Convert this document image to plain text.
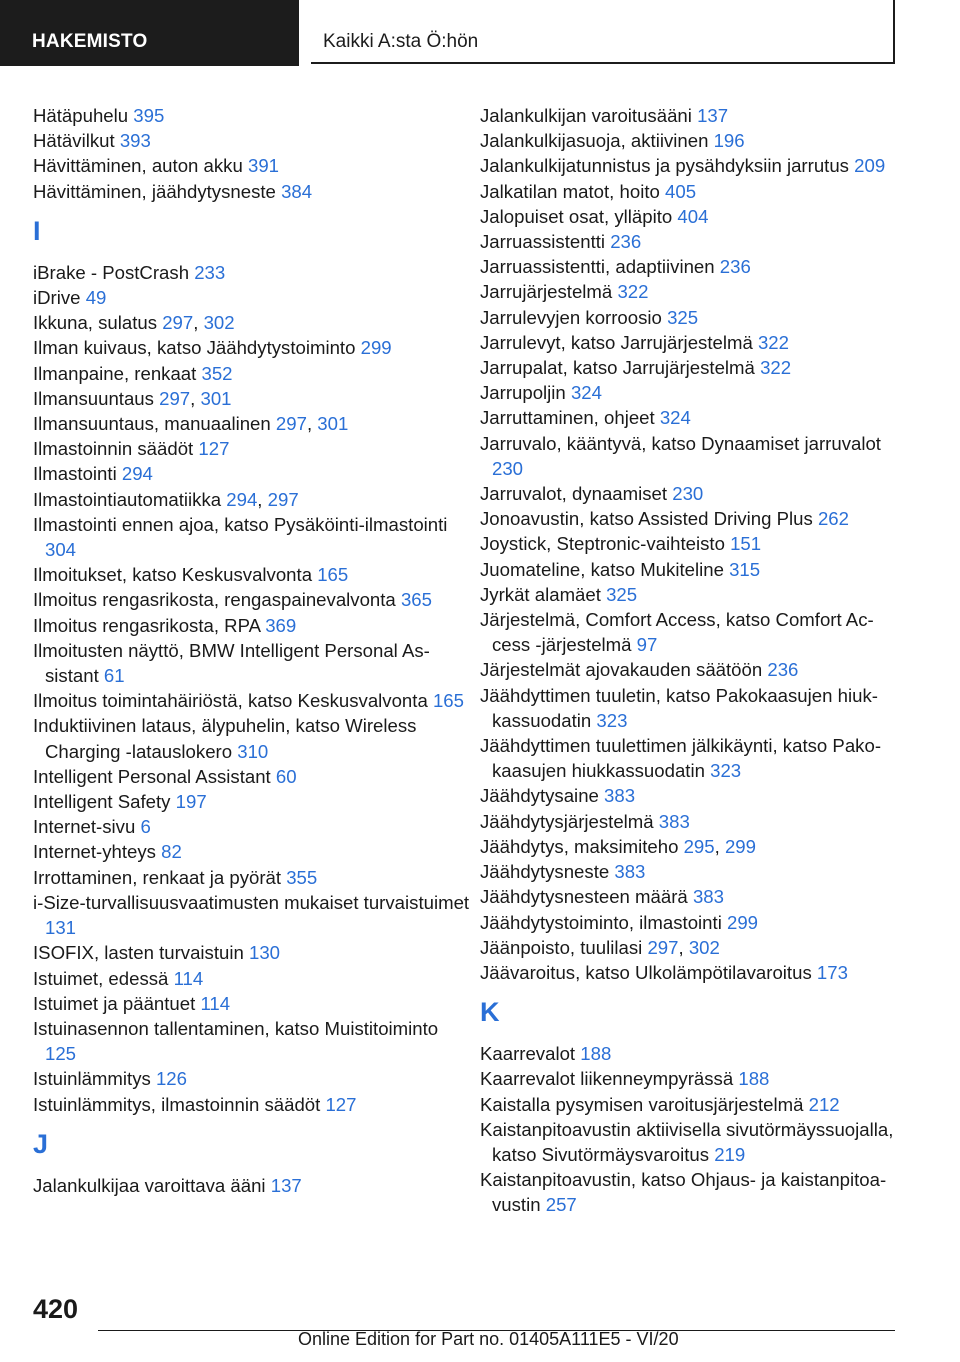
HAKEMISTO	Kaikki A:sta Ö:hön
Hätäpuhelu 395
Hätävilkut 393
Hävittäminen, auton akku 391
Hävittäminen, jäähdytysneste 384
I
iBrake - PostCrash 233
iDrive 49
Ikkuna, sulatus 297, 302
Ilman kuivaus, katso Jäähdytystoiminto 299
Ilmanpaine, renkaat 352
Ilmansuuntaus 297, 301
Ilmansuuntaus, manuaalinen 297, 301
Ilmastoinnin säädöt 127
Ilmastointi 294
Ilmastointiautomatiikka 294, 297
Ilmastointi ennen ajoa, katso Pysäköinti-ilmastointi 304
Ilmoitukset, katso Keskusvalvonta 165
Ilmoitus rengasrikosta, rengaspainevalvonta 365
Ilmoitus rengasrikosta, RPA 369
Ilmoitusten näyttö, BMW Intelligent Personal Assistant 61
Ilmoitus toimintahäiriöstä, katso Keskusvalvonta 165
Induktiivinen lataus, älypuhelin, katso Wireless Charging -latauslokero 310
Intelligent Personal Assistant 60
Intelligent Safety 197
Internet-sivu 6
Internet-yhteys 82
Irrottaminen, renkaat ja pyörät 355
i-Size-turvallisuusvaatimusten mukaiset turvaistuimet 131
ISOFIX, lasten turvaistuin 130
Istuimet, edessä 114
Istuimet ja pääntuet 114
Istuinasennon tallentaminen, katso Muistitoiminto 125
Istuinlämmitys 126
Istuinlämmitys, ilmastoinnin säädöt 127
J
Jalankulkijaa varoittava ääni 137
Jalankulkijan varoitusääni 137
Jalankulkijasuoja, aktiivinen 196
Jalankulkijatunnistus ja pysähdyksiin jarrutus 209
Jalkatilan matot, hoito 405
Jalopuiset osat, ylläpito 404
Jarruassistentti 236
Jarruassistentti, adaptiivinen 236
Jarrujärjestelmä 322
Jarrulevyjen korroosio 325
Jarrulevyt, katso Jarrujärjestelmä 322
Jarrupalat, katso Jarrujärjestelmä 322
Jarrupoljin 324
Jarruttaminen, ohjeet 324
Jarruvalo, kääntyvä, katso Dynaamiset jarruvalot 230
Jarruvalot, dynaamiset 230
Jonoavustin, katso Assisted Driving Plus 262
Joystick, Steptronic-vaihteisto 151
Juomateline, katso Mukiteline 315
Jyrkät alamäet 325
Järjestelmä, Comfort Access, katso Comfort Access -järjestelmä 97
Järjestelmät ajovakauden säätöön 236
Jäähdyttimen tuuletin, katso Pakokaasujen hiukkassuodatin 323
Jäähdyttimen tuulettimen jälkikäynti, katso Pakokaasujen hiukkassuodatin 323
Jäähdytysaine 383
Jäähdytysjärjestelmä 383
Jäähdytys, maksimiteho 295, 299
Jäähdytysneste 383
Jäähdytysnesteen määrä 383
Jäähdytystoiminto, ilmastointi 299
Jäänpoisto, tuulilasi 297, 302
Jäävaroitus, katso Ulkolämpötilavaroitus 173
K
Kaarrevalot 188
Kaarrevalot liikenneympyrässä 188
Kaistalla pysymisen varoitusjärjestelmä 212
Kaistanpitoavustin aktiivisella sivutörmäyssuojalla, katso Sivutörmäysvaroitus 219
Kaistanpitoavustin, katso Ohjaus- ja kaistanpitoavustin 257
420
Online Edition for Part no. 01405A111E5 - VI/20
